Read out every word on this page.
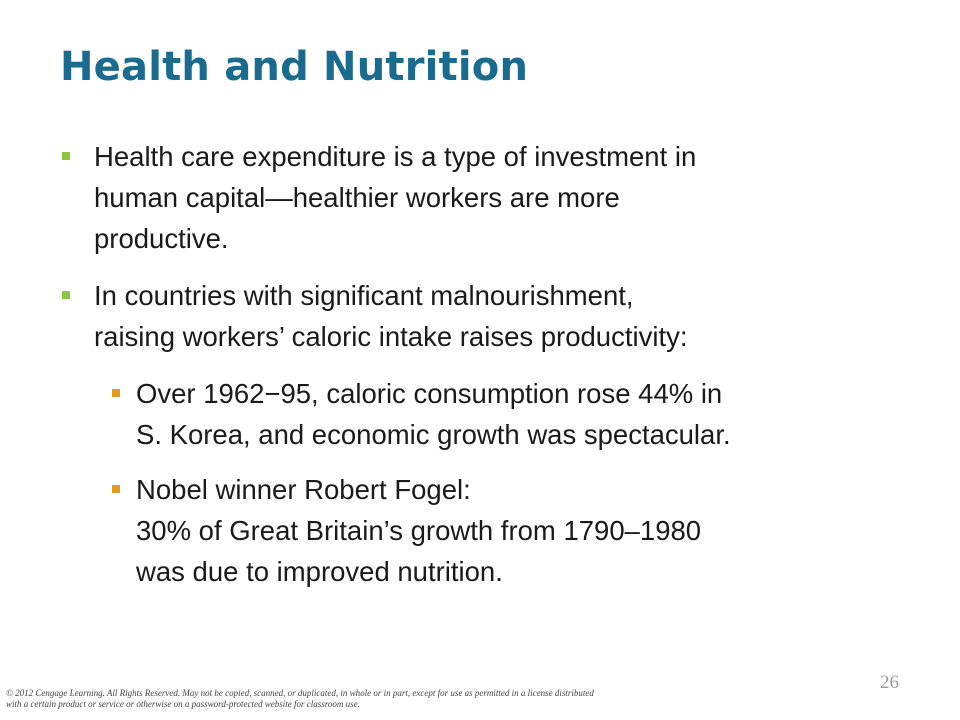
Health and Nutrition
Health care expenditure is a type of investment in
human capital—healthier workers are more
productive.
In countries with significant malnourishment,
raising workers’ caloric intake raises productivity:
Over 1962−95, caloric consumption rose 44% in
S. Korea, and economic growth was spectacular.
Nobel winner Robert Fogel:
30% of Great Britain’s growth from 1790–1980
was due to improved nutrition.
26
© 2012 Cengage Learning. All Rights Reserved. May not be copied, scanned, or duplicated, in whole or in part, except for use as permitted in a license distributed with a certain product or service or otherwise on a password-protected website for classroom use.
